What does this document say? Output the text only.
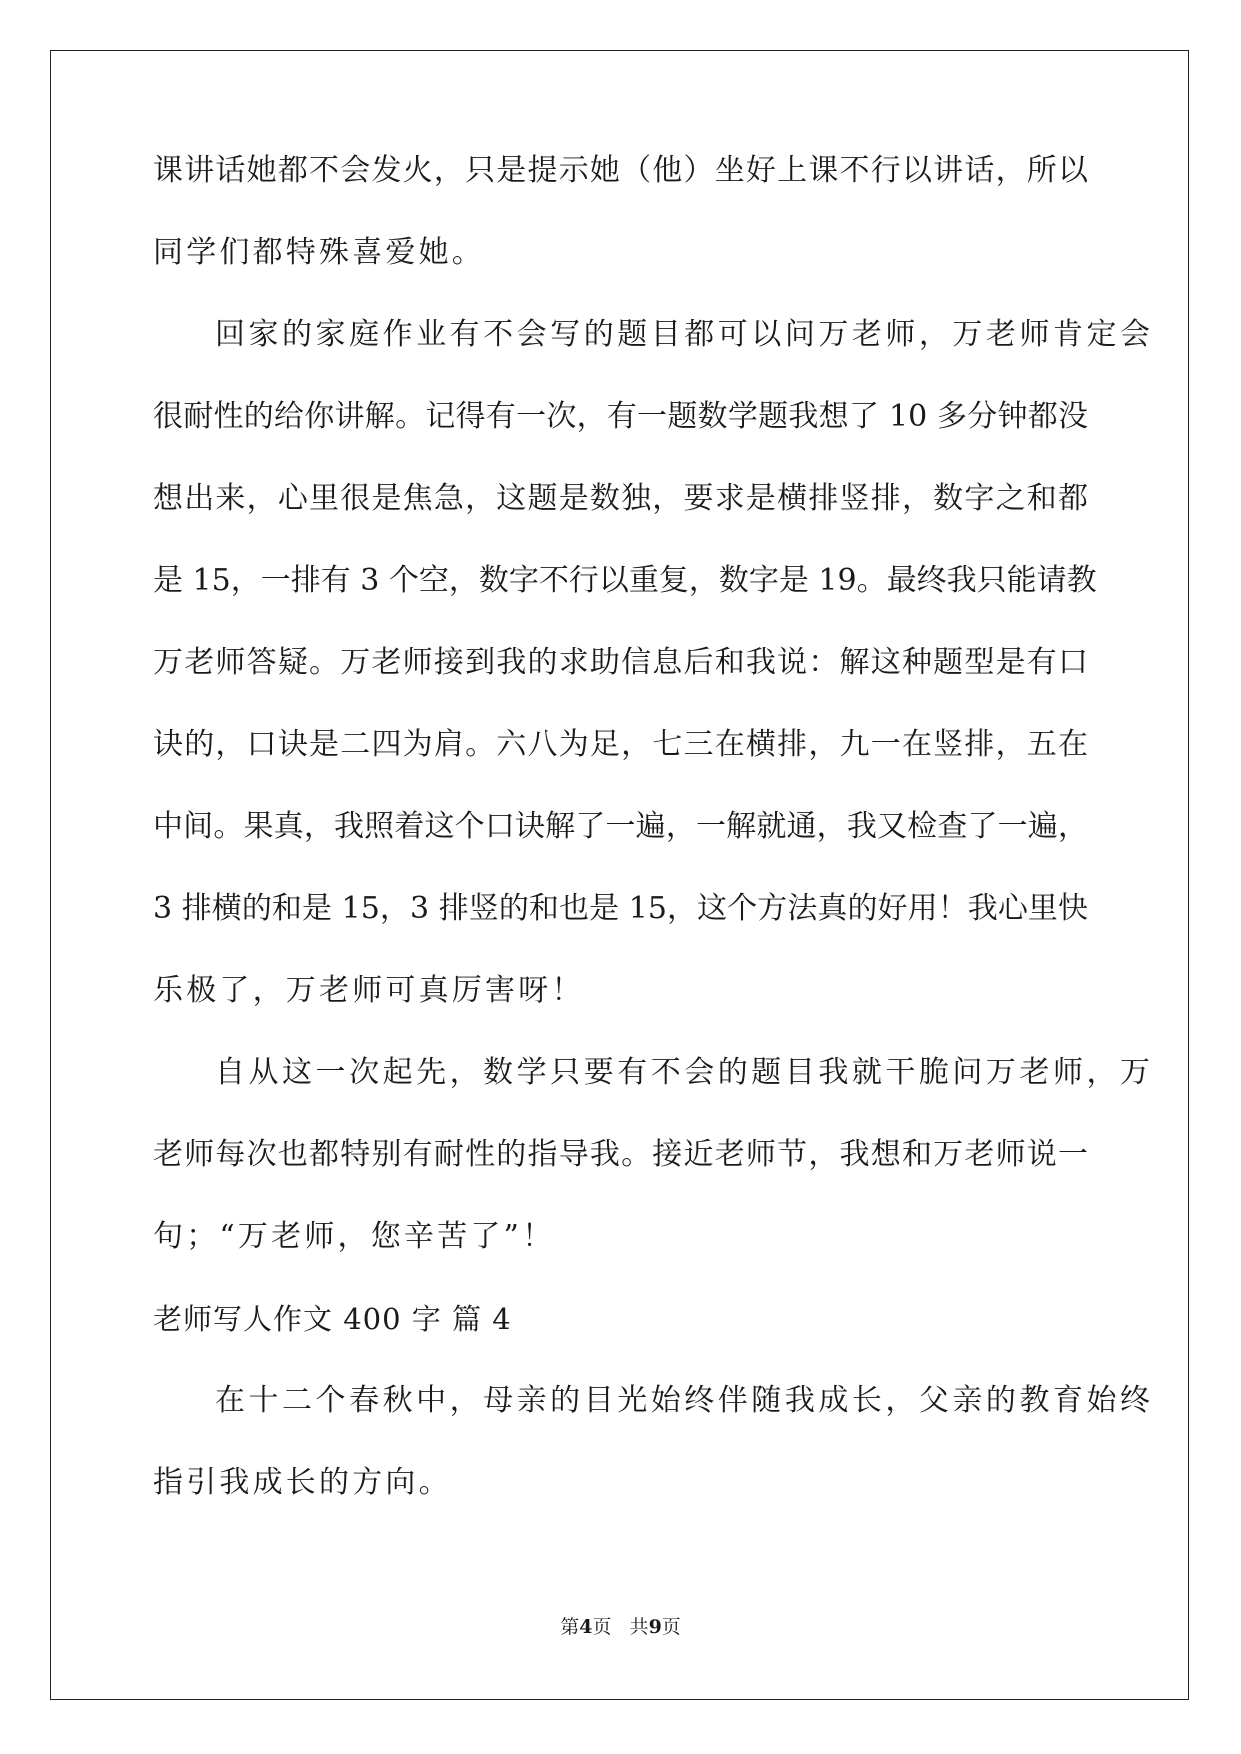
课讲话她都不会发火，只是提示她（他）坐好上课不行以讲话，所以
同学们都特殊喜爱她。
回家的家庭作业有不会写的题目都可以问万老师，万老师肯定会
很耐性的给你讲解。记得有一次，有一题数学题我想了 10 多分钟都没
想出来，心里很是焦急，这题是数独，要求是横排竖排，数字之和都
是 15，一排有 3 个空，数字不行以重复，数字是 19。最终我只能请教
万老师答疑。万老师接到我的求助信息后和我说：解这种题型是有口
诀的，口诀是二四为肩。六八为足，七三在横排，九一在竖排，五在
中间。果真，我照着这个口诀解了一遍，一解就通，我又检查了一遍，
3 排横的和是 15，3 排竖的和也是 15，这个方法真的好用！我心里快
乐极了，万老师可真厉害呀！
自从这一次起先，数学只要有不会的题目我就干脆问万老师，万
老师每次也都特别有耐性的指导我。接近老师节，我想和万老师说一
句；“万老师，您辛苦了”！
老师写人作文 400 字 篇 4
在十二个春秋中，母亲的目光始终伴随我成长，父亲的教育始终
指引我成长的方向。
第4页   共9页
